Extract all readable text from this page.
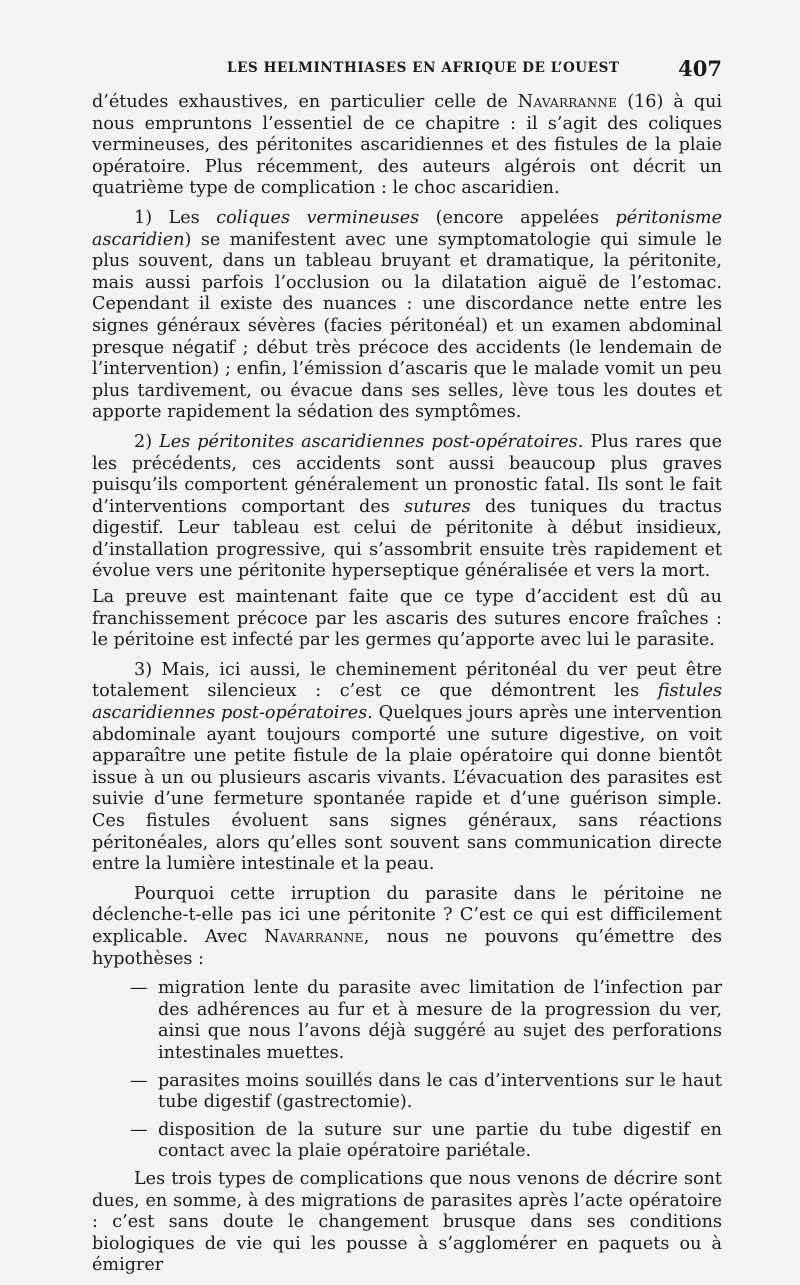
LES HELMINTHIASES EN AFRIQUE DE L’OUEST	407

d’études exhaustives, en particulier celle de Navarranne (16) à qui nous empruntons l’essentiel de ce chapitre : il s’agit des coliques vermineuses, des péritonites ascaridiennes et des fistules de la plaie opératoire. Plus récemment, des auteurs algérois ont décrit un quatrième type de complication : le choc ascaridien.

1) Les coliques vermineuses (encore appelées péritonisme ascaridien) se manifestent avec une symptomatologie qui simule le plus souvent, dans un tableau bruyant et dramatique, la péritonite, mais aussi parfois l’occlusion ou la dilatation aiguë de l’estomac. Cependant il existe des nuances : une discordance nette entre les signes généraux sévères (facies péritonéal) et un examen abdominal presque négatif ; début très précoce des accidents (le lendemain de l’intervention) ; enfin, l’émission d’ascaris que le malade vomit un peu plus tardivement, ou évacue dans ses selles, lève tous les doutes et apporte rapidement la sédation des symptômes.

2) Les péritonites ascaridiennes post-opératoires. Plus rares que les précédents, ces accidents sont aussi beaucoup plus graves puisqu’ils comportent généralement un pronostic fatal. Ils sont le fait d’interventions comportant des sutures des tuniques du tractus digestif. Leur tableau est celui de péritonite à début insidieux, d’installation progressive, qui s’assombrit ensuite très rapidement et évolue vers une péritonite hyperseptique généralisée et vers la mort.

La preuve est maintenant faite que ce type d’accident est dû au franchissement précoce par les ascaris des sutures encore fraîches : le péritoine est infecté par les germes qu’apporte avec lui le parasite.

3) Mais, ici aussi, le cheminement péritonéal du ver peut être totalement silencieux : c’est ce que démontrent les fistules ascaridiennes post-opératoires. Quelques jours après une intervention abdominale ayant toujours comporté une suture digestive, on voit apparaître une petite fistule de la plaie opératoire qui donne bientôt issue à un ou plusieurs ascaris vivants. L’évacuation des parasites est suivie d’une fermeture spontanée rapide et d’une guérison simple. Ces fistules évoluent sans signes généraux, sans réactions péritonéales, alors qu’elles sont souvent sans communication directe entre la lumière intestinale et la peau.

Pourquoi cette irruption du parasite dans le péritoine ne déclenche-t-elle pas ici une péritonite ? C’est ce qui est difficilement explicable. Avec Navarranne, nous ne pouvons qu’émettre des hypothèses :

— migration lente du parasite avec limitation de l’infection par des adhérences au fur et à mesure de la progression du ver, ainsi que nous l’avons déjà suggéré au sujet des perforations intestinales muettes.
— parasites moins souillés dans le cas d’interventions sur le haut tube digestif (gastrectomie).
— disposition de la suture sur une partie du tube digestif en contact avec la plaie opératoire pariétale.

Les trois types de complications que nous venons de décrire sont dues, en somme, à des migrations de parasites après l’acte opératoire : c’est sans doute le changement brusque dans ses conditions biologiques de vie qui les pousse à s’agglomérer en paquets ou à émigrer
